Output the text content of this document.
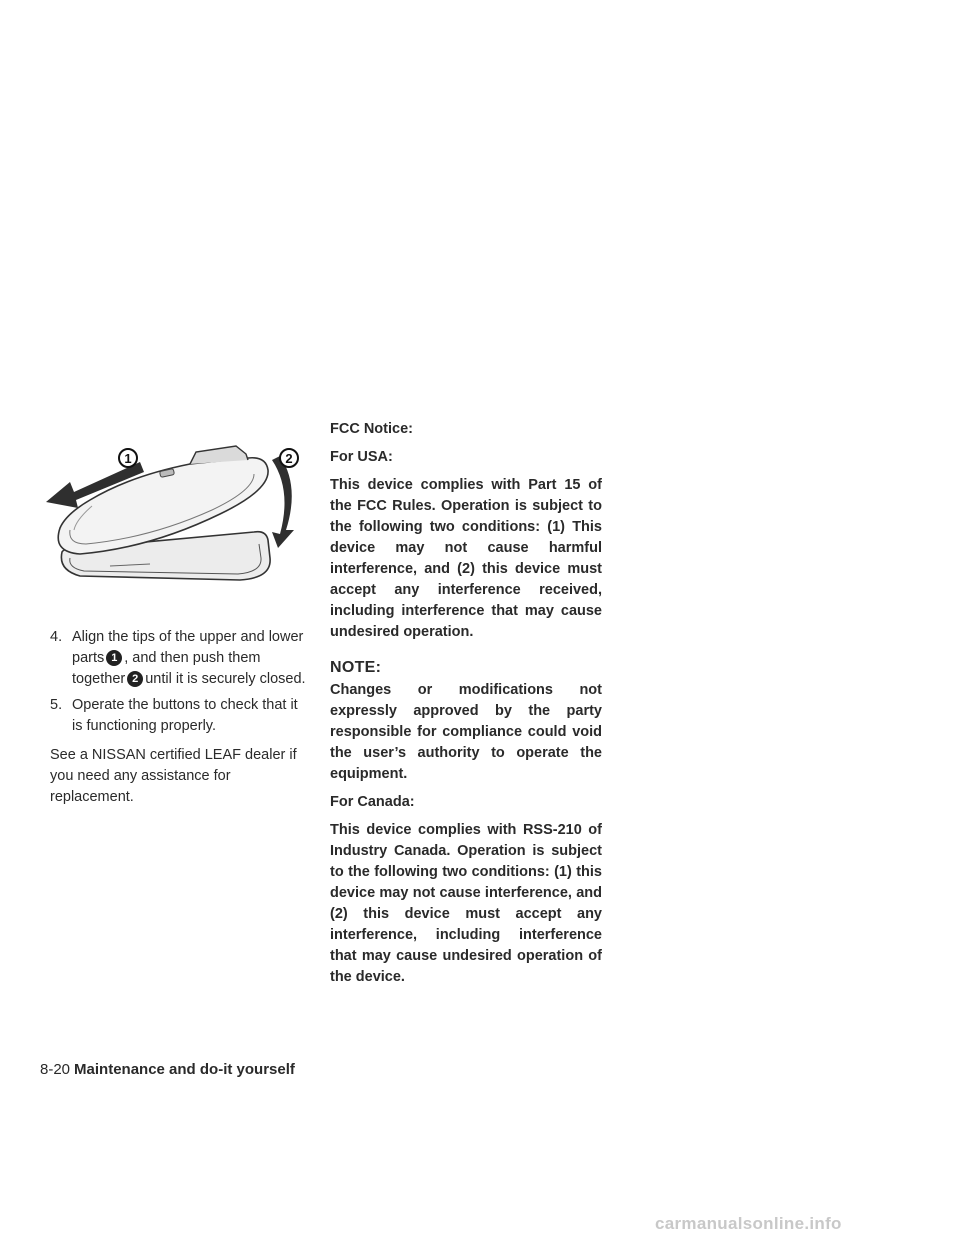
1	2
4. Align the tips of the upper and lower parts 1 , and then push them together 2 until it is securely closed.
5. Operate the buttons to check that it is functioning properly.

See a NISSAN certified LEAF dealer if you need any assistance for replacement.

FCC Notice:

For USA:

This device complies with Part 15 of the FCC Rules. Operation is subject to the following two conditions: (1) This device may not cause harmful interference, and (2) this device must accept any interference received, including interference that may cause undesired operation.

NOTE:

Changes or modifications not expressly approved by the party responsible for compliance could void the user’s authority to operate the equipment.

For Canada:

This device complies with RSS-210 of Industry Canada. Operation is subject to the following two conditions: (1) this device may not cause interference, and (2) this device must accept any interference, including interference that may cause undesired operation of the device.

8-20 Maintenance and do-it yourself
carmanualsonline.info
